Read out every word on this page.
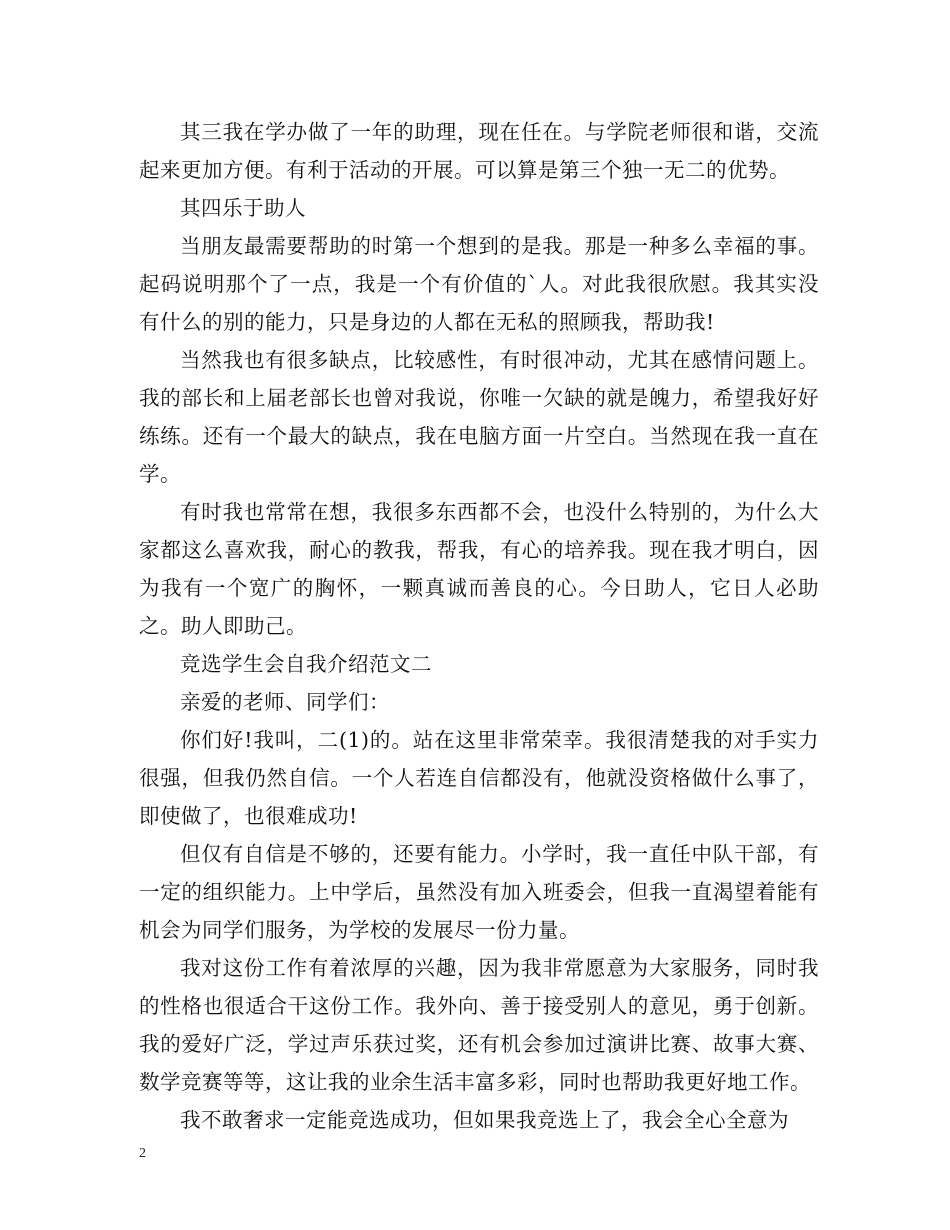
其三我在学办做了一年的助理，现在任在。与学院老师很和谐，交流起来更加方便。有利于活动的开展。可以算是第三个独一无二的优势。

其四乐于助人

当朋友最需要帮助的时第一个想到的是我。那是一种多么幸福的事。起码说明那个了一点，我是一个有价值的`人。对此我很欣慰。我其实没有什么的别的能力，只是身边的人都在无私的照顾我，帮助我!

当然我也有很多缺点，比较感性，有时很冲动，尤其在感情问题上。我的部长和上届老部长也曾对我说，你唯一欠缺的就是魄力，希望我好好练练。还有一个最大的缺点，我在电脑方面一片空白。当然现在我一直在学。

有时我也常常在想，我很多东西都不会，也没什么特别的，为什么大家都这么喜欢我，耐心的教我，帮我，有心的培养我。现在我才明白，因为我有一个宽广的胸怀，一颗真诚而善良的心。今日助人，它日人必助之。助人即助己。

竞选学生会自我介绍范文二

亲爱的老师、同学们：

你们好!我叫，二(1)的。站在这里非常荣幸。我很清楚我的对手实力很强，但我仍然自信。一个人若连自信都没有，他就没资格做什么事了，即使做了，也很难成功!

但仅有自信是不够的，还要有能力。小学时，我一直任中队干部，有一定的组织能力。上中学后，虽然没有加入班委会，但我一直渴望着能有机会为同学们服务，为学校的发展尽一份力量。

我对这份工作有着浓厚的兴趣，因为我非常愿意为大家服务，同时我的性格也很适合干这份工作。我外向、善于接受别人的意见，勇于创新。我的爱好广泛，学过声乐获过奖，还有机会参加过演讲比赛、故事大赛、数学竞赛等等，这让我的业余生活丰富多彩，同时也帮助我更好地工作。

我不敢奢求一定能竞选成功，但如果我竞选上了，我会全心全意为

2
